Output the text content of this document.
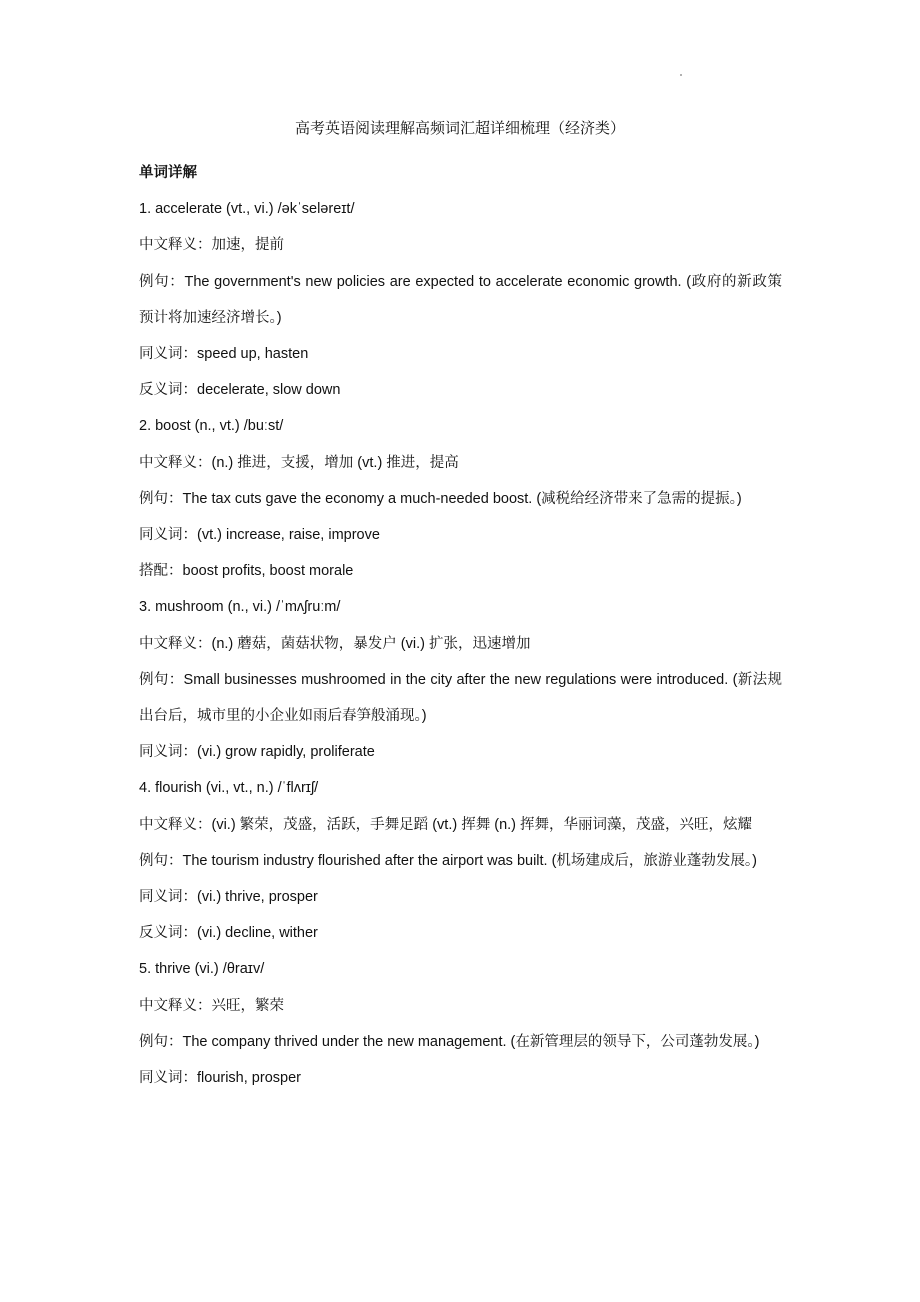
高考英语阅读理解高频词汇超详细梳理（经济类）
单词详解
1. accelerate (vt., vi.) /əkˈseləreɪt/
中文释义：加速，提前
例句：The government's new policies are expected to accelerate economic growth. (政府的新政策预计将加速经济增长。)
同义词：speed up, hasten
反义词：decelerate, slow down
2. boost (n., vt.) /buːst/
中文释义：(n.) 推进，支援，增加 (vt.) 推进，提高
例句：The tax cuts gave the economy a much-needed boost. (减税给经济带来了急需的提振。)
同义词：(vt.) increase, raise, improve
搭配：boost profits, boost morale
3. mushroom (n., vi.) /ˈmʌʃruːm/
中文释义：(n.) 蘑菇，菌菇状物，暴发户 (vi.) 扩张，迅速增加
例句：Small businesses mushroomed in the city after the new regulations were introduced. (新法规出台后，城市里的小企业如雨后春笋般涌现。)
同义词：(vi.) grow rapidly, proliferate
4. flourish (vi., vt., n.) /ˈflʌrɪʃ/
中文释义：(vi.) 繁荣，茂盛，活跃，手舞足蹈 (vt.) 挥舞 (n.) 挥舞，华丽词藻，茂盛，兴旺，炫耀
例句：The tourism industry flourished after the airport was built. (机场建成后，旅游业蓬勃发展。)
同义词：(vi.) thrive, prosper
反义词：(vi.) decline, wither
5. thrive (vi.) /θraɪv/
中文释义：兴旺，繁荣
例句：The company thrived under the new management. (在新管理层的领导下，公司蓬勃发展。)
同义词：flourish, prosper
